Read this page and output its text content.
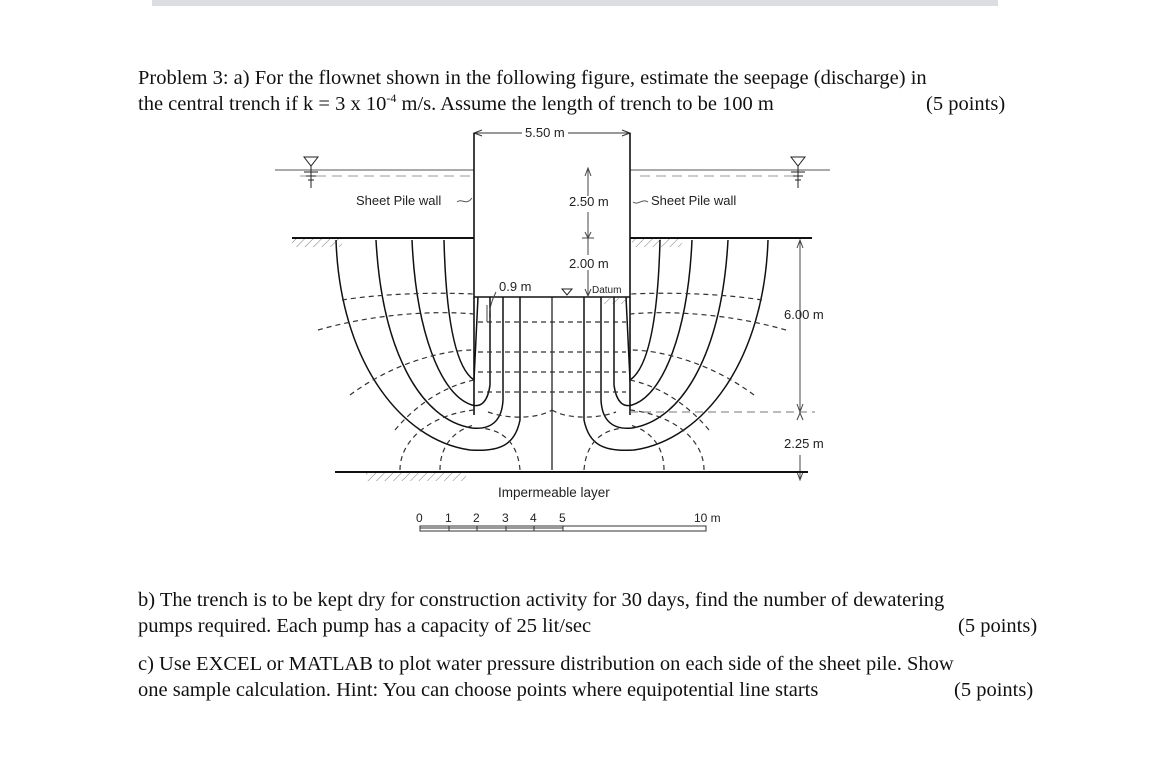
Problem 3: a) For the flownet shown in the following figure, estimate the seepage (discharge) in
the central trench if k = 3 x $10^{-4}$ m/s. Assume the length of trench to be 100 m	(5 points)
5.50 m
Sheet Pile wall	Sheet Pile wall
2.50 m
2.00 m
0.9 m	Datum
6.00 m
2.25 m
Impermeable layer
0 1 2 3 4 5	10 m
b) The trench is to be kept dry for construction activity for 30 days, find the number of dewatering
pumps required. Each pump has a capacity of 25 lit/sec	(5 points)
c) Use EXCEL or MATLAB to plot water pressure distribution on each side of the sheet pile. Show
one sample calculation. Hint: You can choose points where equipotential line starts	(5 points)
